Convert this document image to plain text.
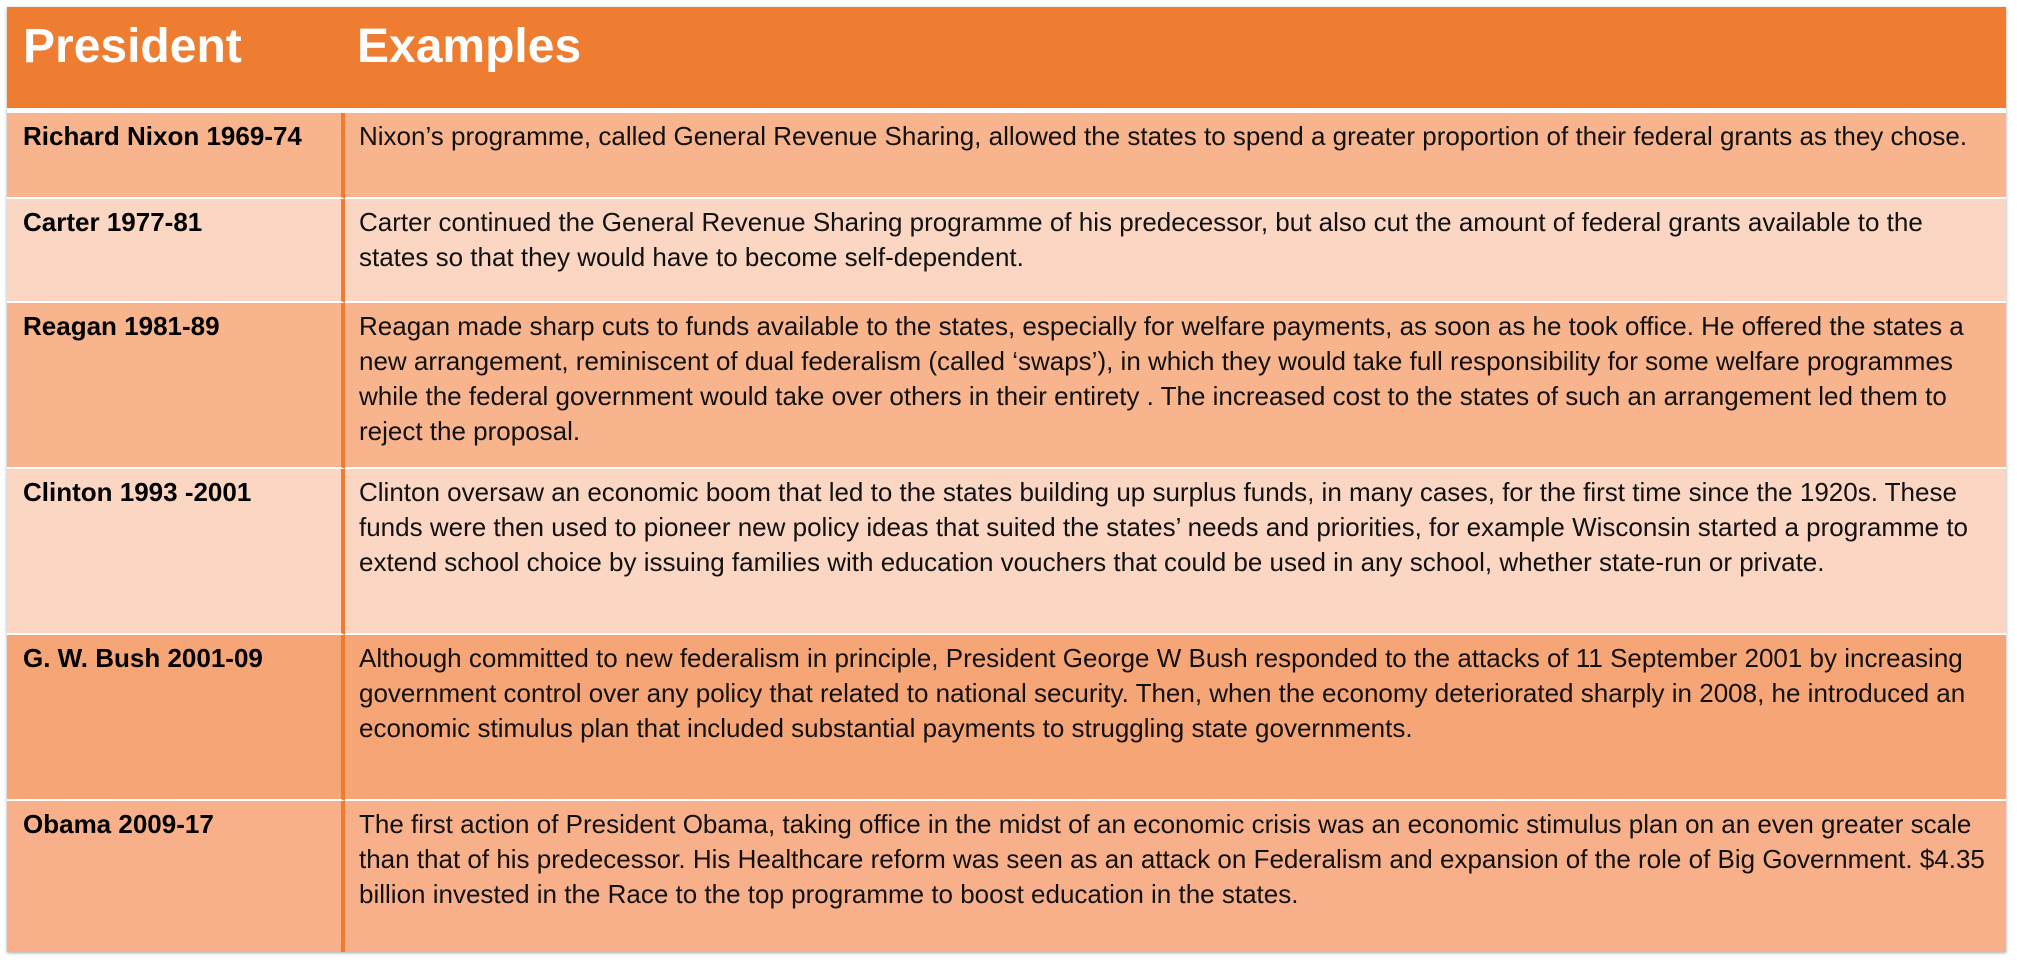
President	Examples
Richard Nixon 1969-74	Nixon’s programme, called General Revenue Sharing, allowed the states to spend a greater proportion of their federal grants as they chose.
Carter 1977-81	Carter continued the General Revenue Sharing programme of his predecessor, but also cut the amount of federal grants available to the states so that they would have to become self-dependent.
Reagan 1981-89	Reagan made sharp cuts to funds available to the states, especially for welfare payments, as soon as he took office. He offered the states a new arrangement, reminiscent of dual federalism (called ‘swaps’), in which they would take full responsibility for some welfare programmes while the federal government would take over others in their entirety . The increased cost to the states of such an arrangement led them to reject the proposal.
Clinton 1993 -2001	Clinton oversaw an economic boom that led to the states building up surplus funds, in many cases, for the first time since the 1920s. These funds were then used to pioneer new policy ideas that suited the states’ needs and priorities, for example Wisconsin started a programme to extend school choice by issuing families with education vouchers that could be used in any school, whether state-run or private.
G. W. Bush 2001-09	Although committed to new federalism in principle, President George W Bush responded to the attacks of 11 September 2001 by increasing government control over any policy that related to national security. Then, when the economy deteriorated sharply in 2008, he introduced an economic stimulus plan that included substantial payments to struggling state governments.
Obama 2009-17	The first action of President Obama, taking office in the midst of an economic crisis was an economic stimulus plan on an even greater scale than that of his predecessor. His Healthcare reform was seen as an attack on Federalism and expansion of the role of Big Government. $4.35 billion invested in the Race to the top programme to boost education in the states.
